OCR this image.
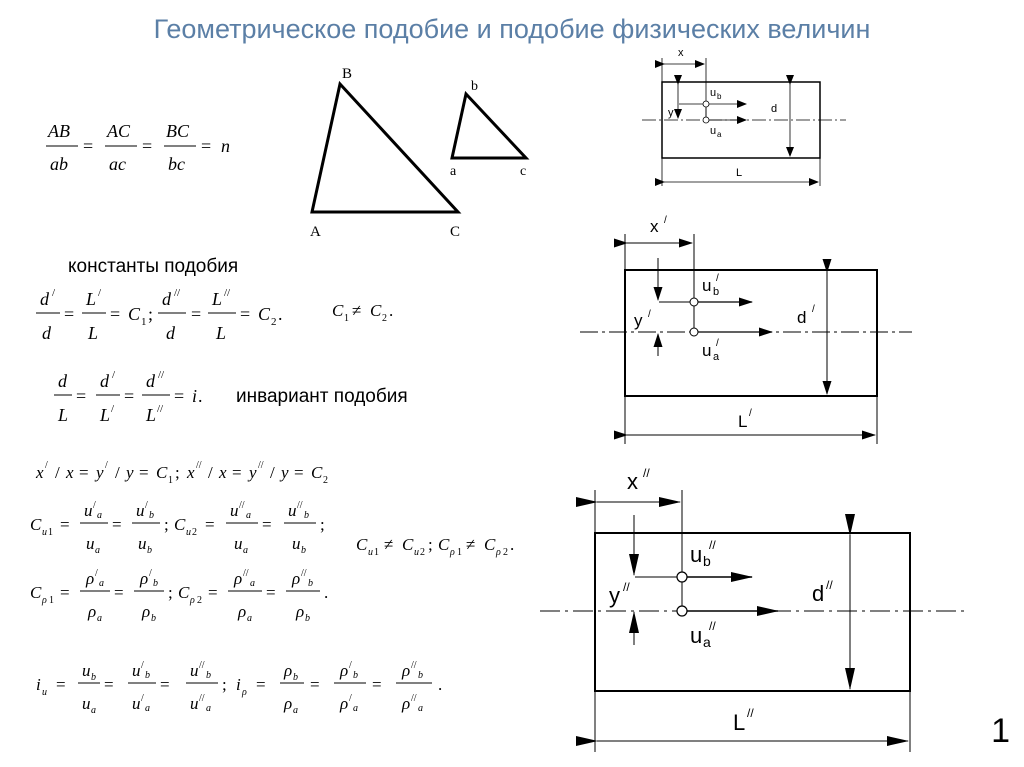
Геометрическое подобие и подобие физических величин
B
A	C
b
a	c
AB
ab
=
AC
ac
=
BC
bc
= n
d /
d
=
L /
L
= C 1 ;
d //
d
=
L //
L
= C 2 .	C 1 ≠ C 2 .
d
L
=
d /
L /
=
d //
L //
= i .
x / / x = y / / y = C 1 ; x // / x = y // / y = C 2
C u 1 =
u /
a
u a
=
u /
b
u b
; C u 2 =
u //
a
u a
=
u //
b
u b
;
C u 1 ≠ C u 2 ; C ρ 1 ≠ C ρ 2 .
C ρ 1 =
ρ /
a
ρ a
=
ρ /
b
ρ b
; C ρ 2 =
ρ //
a
ρ a
=
ρ //
b
ρ b
.
i u =
u b
u a
=
u /
b
u /
a
=
u //
b
u //
a
; i ρ =
ρ b
ρ a
=
ρ /
b
ρ /
a
=
ρ //
b
ρ //
a
.
x
y
u b
u a
d
L
x /
y /
u b
/
u a
/
d /
L /
x //
y //
u b
//
u a
//
d //
L //
константы подобия
инвариант подобия
1
